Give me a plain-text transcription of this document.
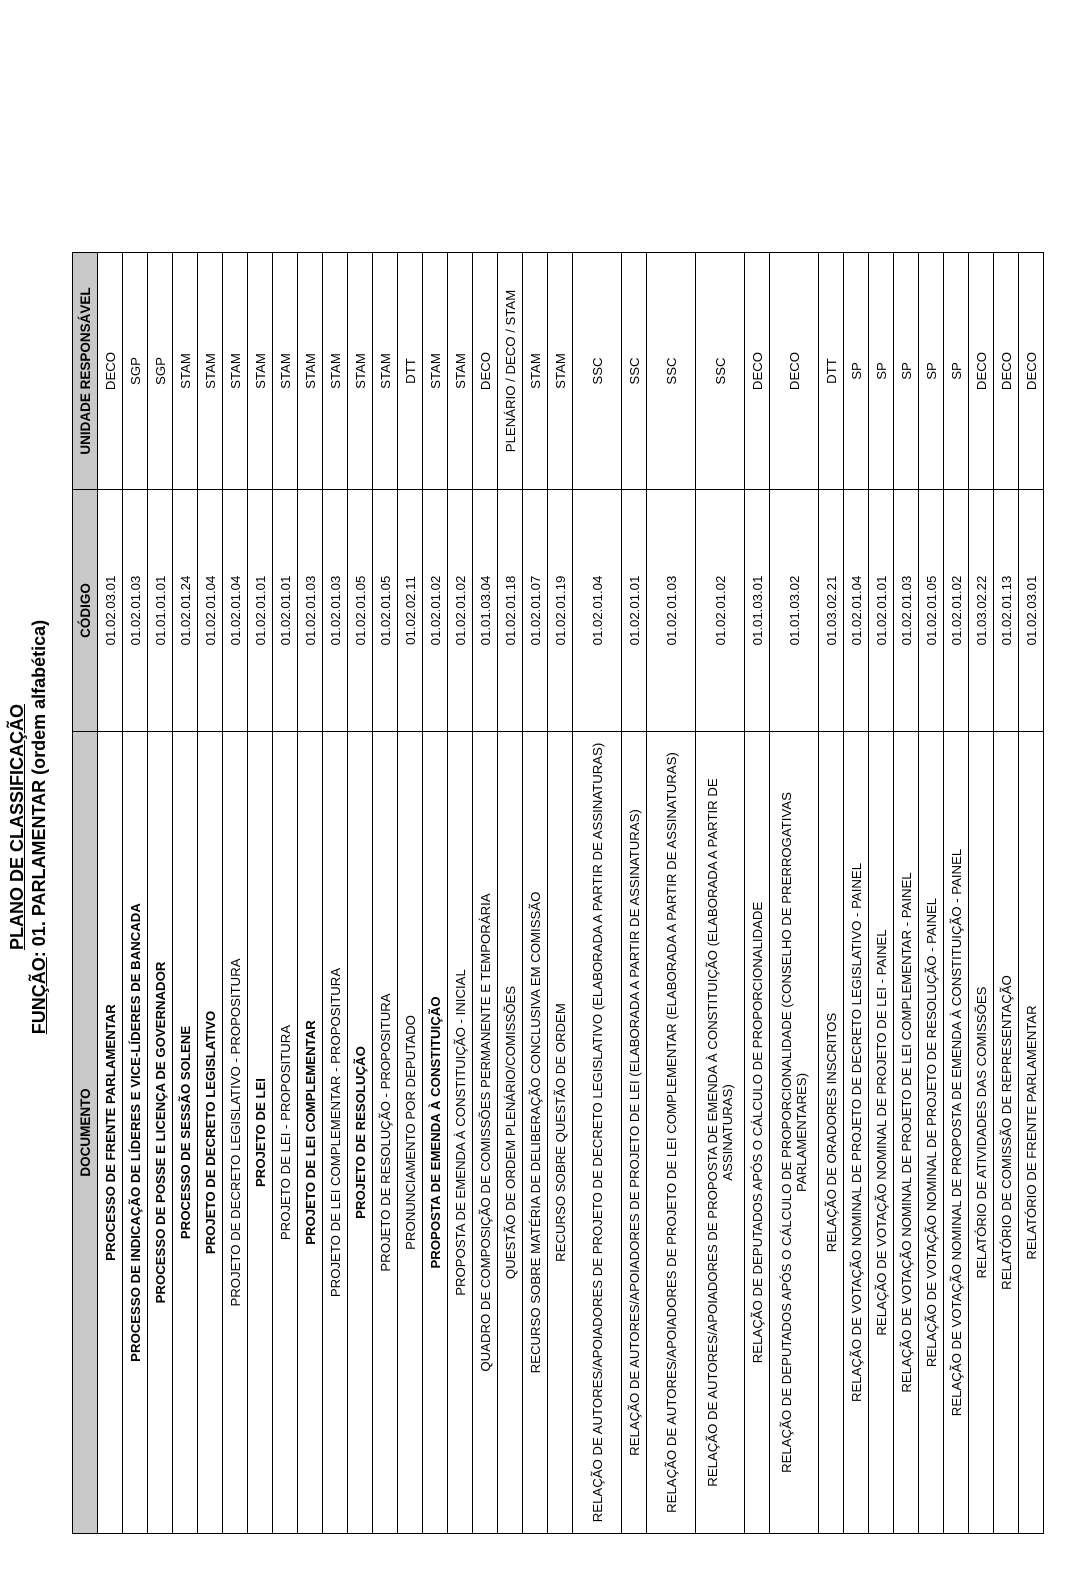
PLANO DE CLASSIFICAÇÃO
FUNÇÃO: 01. PARLAMENTAR (ordem alfabética)
DOCUMENTO	CÓDIGO	UNIDADE RESPONSÁVEL
PROCESSO DE FRENTE PARLAMENTAR	01.02.03.01	DECO
PROCESSO DE INDICAÇÃO DE LÍDERES E VICE-LÍDERES DE BANCADA	01.02.01.03	SGP
PROCESSO DE POSSE E LICENÇA DE GOVERNADOR	01.01.01.01	SGP
PROCESSO DE SESSÃO SOLENE	01.02.01.24	STAM
PROJETO DE DECRETO LEGISLATIVO	01.02.01.04	STAM
PROJETO DE DECRETO LEGISLATIVO - PROPOSITURA	01.02.01.04	STAM
PROJETO DE LEI	01.02.01.01	STAM
PROJETO DE LEI - PROPOSITURA	01.02.01.01	STAM
PROJETO DE LEI COMPLEMENTAR	01.02.01.03	STAM
PROJETO DE LEI COMPLEMENTAR - PROPOSITURA	01.02.01.03	STAM
PROJETO DE RESOLUÇÃO	01.02.01.05	STAM
PROJETO DE RESOLUÇÃO - PROPOSITURA	01.02.01.05	STAM
PRONUNCIAMENTO POR DEPUTADO	01.02.02.11	DTT
PROPOSTA DE EMENDA À CONSTITUIÇÃO	01.02.01.02	STAM
PROPOSTA DE EMENDA À CONSTITUIÇÃO - INICIAL	01.02.01.02	STAM
QUADRO DE COMPOSIÇÃO DE COMISSÕES PERMANENTE E TEMPORÁRIA	01.01.03.04	DECO
QUESTÃO DE ORDEM PLENÁRIO/COMISSÕES	01.02.01.18	PLENÁRIO / DECO / STAM
RECURSO SOBRE MATÉRIA DE DELIBERAÇÃO CONCLUSIVA EM COMISSÃO	01.02.01.07	STAM
RECURSO SOBRE QUESTÃO DE ORDEM	01.02.01.19	STAM
RELAÇÃO DE AUTORES/APOIADORES DE PROJETO DE DECRETO LEGISLATIVO (ELABORADA A PARTIR DE ASSINATURAS)	01.02.01.04	SSC
RELAÇÃO DE AUTORES/APOIADORES DE PROJETO DE LEI (ELABORADA A PARTIR DE ASSINATURAS)	01.02.01.01	SSC
RELAÇÃO DE AUTORES/APOIADORES DE PROJETO DE LEI COMPLEMENTAR (ELABORADA A PARTIR DE ASSINATURAS)	01.02.01.03	SSC
RELAÇÃO DE AUTORES/APOIADORES DE PROPOSTA DE EMENDA À CONSTITUIÇÃO (ELABORADA A PARTIR DE ASSINATURAS)	01.02.01.02	SSC
RELAÇÃO DE DEPUTADOS APÓS O CÁLCULO DE PROPORCIONALIDADE	01.01.03.01	DECO
RELAÇÃO DE DEPUTADOS APÓS O CÁLCULO DE PROPORCIONALIDADE (CONSELHO DE PRERROGATIVAS PARLAMENTARES)	01.01.03.02	DECO
RELAÇÃO DE ORADORES INSCRITOS	01.03.02.21	DTT
RELAÇÃO DE VOTAÇÃO NOMINAL DE PROJETO DE DECRETO LEGISLATIVO - PAINEL	01.02.01.04	SP
RELAÇÃO DE VOTAÇÃO NOMINAL DE PROJETO DE LEI - PAINEL	01.02.01.01	SP
RELAÇÃO DE VOTAÇÃO NOMINAL DE PROJETO DE LEI COMPLEMENTAR - PAINEL	01.02.01.03	SP
RELAÇÃO DE VOTAÇÃO NOMINAL DE PROJETO DE RESOLUÇÃO - PAINEL	01.02.01.05	SP
RELAÇÃO DE VOTAÇÃO NOMINAL DE PROPOSTA DE EMENDA À CONSTITUIÇÃO - PAINEL	01.02.01.02	SP
RELATÓRIO DE ATIVIDADES DAS COMISSÕES	01.03.02.22	DECO
RELATÓRIO DE COMISSÃO DE REPRESENTAÇÃO	01.02.01.13	DECO
RELATÓRIO DE FRENTE PARLAMENTAR	01.02.03.01	DECO
